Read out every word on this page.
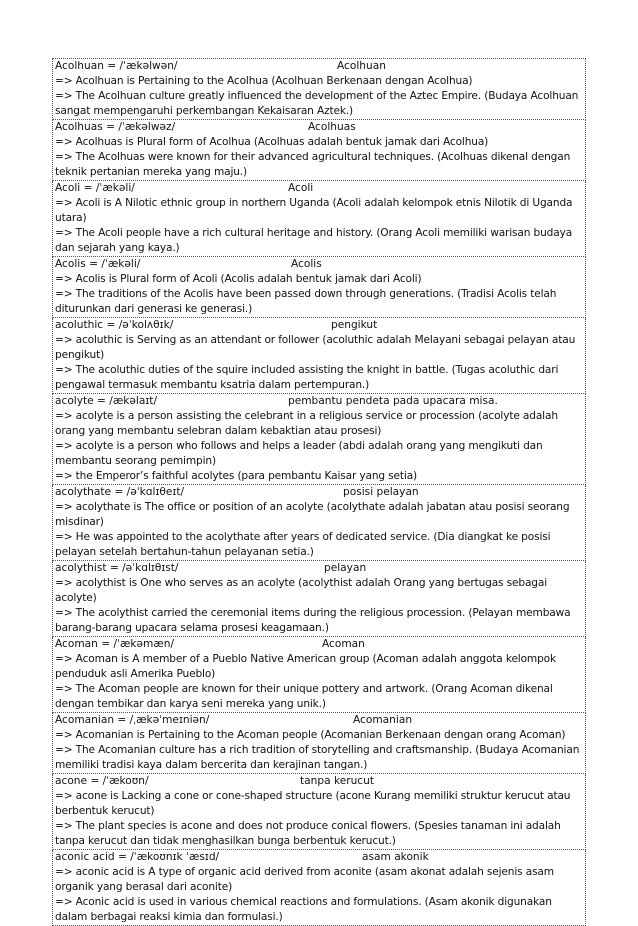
Acolhuan = /ˈækəlwən/	Acolhuan
=> Acolhuan is Pertaining to the Acolhua (Acolhuan Berkenaan dengan Acolhua)
=> The Acolhuan culture greatly influenced the development of the Aztec Empire. (Budaya Acolhuan sangat mempengaruhi perkembangan Kekaisaran Aztek.)
Acolhuas = /ˈækəlwəz/	Acolhuas
=> Acolhuas is Plural form of Acolhua (Acolhuas adalah bentuk jamak dari Acolhua)
=> The Acolhuas were known for their advanced agricultural techniques. (Acolhuas dikenal dengan teknik pertanian mereka yang maju.)
Acoli = /ˈækəli/	Acoli
=> Acoli is A Nilotic ethnic group in northern Uganda (Acoli adalah kelompok etnis Nilotik di Uganda utara)
=> The Acoli people have a rich cultural heritage and history. (Orang Acoli memiliki warisan budaya dan sejarah yang kaya.)
Acolis = /ˈækəli/	Acolis
=> Acolis is Plural form of Acoli (Acolis adalah bentuk jamak dari Acoli)
=> The traditions of the Acolis have been passed down through generations. (Tradisi Acolis telah diturunkan dari generasi ke generasi.)
acoluthic = /əˈkolʌθɪk/	pengikut
=> acoluthic is Serving as an attendant or follower (acoluthic adalah Melayani sebagai pelayan atau pengikut)
=> The acoluthic duties of the squire included assisting the knight in battle. (Tugas acoluthic dari pengawal termasuk membantu ksatria dalam pertempuran.)
acolyte = /ækəlaɪt/	pembantu pendeta pada upacara misa.
=> acolyte is a person assisting the celebrant in a religious service or procession (acolyte adalah orang yang membantu selebran dalam kebaktian atau prosesi)
=> acolyte is a person who follows and helps a leader (abdi adalah orang yang mengikuti dan membantu seorang pemimpin)
=> the Emperor’s faithful acolytes (para pembantu Kaisar yang setia)
acolythate = /əˈkɑlɪθeɪt/	posisi pelayan
=> acolythate is The office or position of an acolyte (acolythate adalah jabatan atau posisi seorang misdinar)
=> He was appointed to the acolythate after years of dedicated service. (Dia diangkat ke posisi pelayan setelah bertahun-tahun pelayanan setia.)
acolythist = /əˈkɑlɪθɪst/	pelayan
=> acolythist is One who serves as an acolyte (acolythist adalah Orang yang bertugas sebagai acolyte)
=> The acolythist carried the ceremonial items during the religious procession. (Pelayan membawa barang-barang upacara selama prosesi keagamaan.)
Acoman = /ˈækəmæn/	Acoman
=> Acoman is A member of a Pueblo Native American group (Acoman adalah anggota kelompok penduduk asli Amerika Pueblo)
=> The Acoman people are known for their unique pottery and artwork. (Orang Acoman dikenal dengan tembikar dan karya seni mereka yang unik.)
Acomanian = /ˌækəˈmeɪniən/	Acomanian
=> Acomanian is Pertaining to the Acoman people (Acomanian Berkenaan dengan orang Acoman)
=> The Acomanian culture has a rich tradition of storytelling and craftsmanship. (Budaya Acomanian memiliki tradisi kaya dalam bercerita dan kerajinan tangan.)
acone = /ˈækoʊn/	tanpa kerucut
=> acone is Lacking a cone or cone-shaped structure (acone Kurang memiliki struktur kerucut atau berbentuk kerucut)
=> The plant species is acone and does not produce conical flowers. (Spesies tanaman ini adalah tanpa kerucut dan tidak menghasilkan bunga berbentuk kerucut.)
aconic acid = /ˈækoʊnɪk ˈæsɪd/	asam akonik
=> aconic acid is A type of organic acid derived from aconite (asam akonat adalah sejenis asam organik yang berasal dari aconite)
=> Aconic acid is used in various chemical reactions and formulations. (Asam akonik digunakan dalam berbagai reaksi kimia dan formulasi.)
